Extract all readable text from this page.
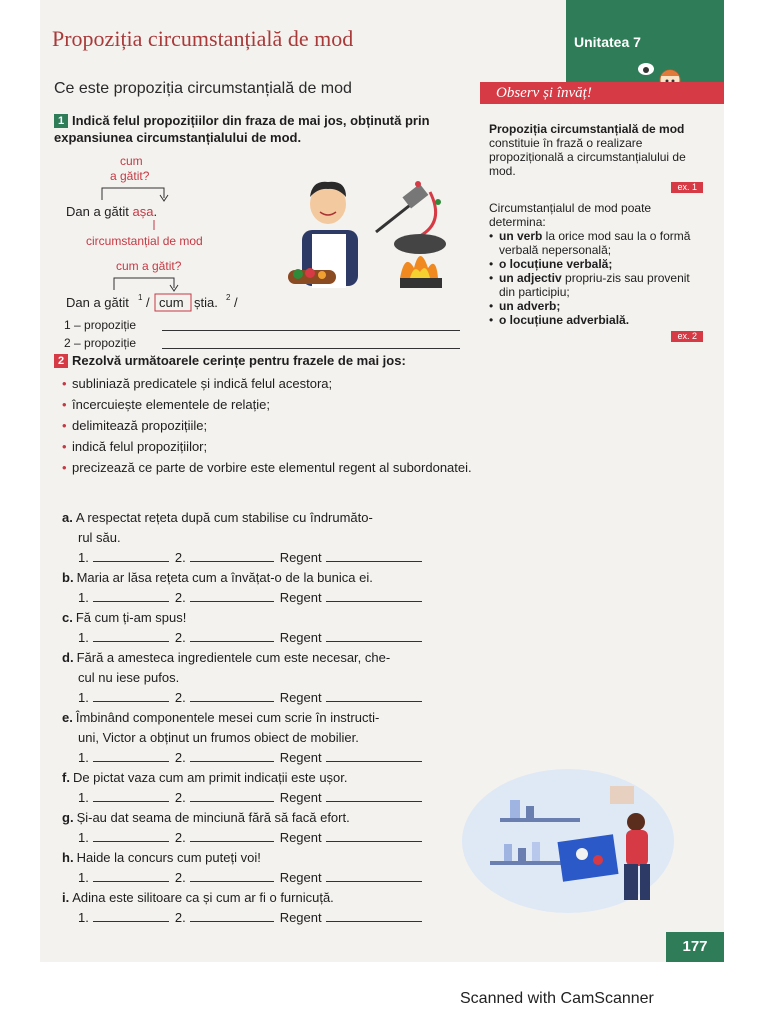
Propoziția circumstanțială de mod	Unitatea 7
Observ și învăț!
Ce este propoziția circumstanțială de mod
1 Indică felul propozițiilor din fraza de mai jos, obținută prin expansiunea circumstanțialului de mod.
cum
a gătit?
Dan a gătit așa.
circumstanțial de mod
cum a gătit?
Dan a gătit 1 / cum știa. 2 /
1 – propoziție
2 – propoziție
2 Rezolvă următoarele cerințe pentru frazele de mai jos:
• subliniază predicatele și indică felul acestora;
• încercuiește elementele de relație;
• delimitează propozițiile;
• indică felul propozițiilor;
• precizează ce parte de vorbire este elementul regent al subordonatei.
a. A respectat rețeta după cum stabilise cu îndrumăto-
rul său.
1.	2.	Regent
b. Maria ar lăsa rețeta cum a învățat-o de la bunica ei.
1.	2.	Regent
c. Fă cum ți-am spus!
1.	2.	Regent
d. Fără a amesteca ingredientele cum este necesar, che-
cul nu iese pufos.
1.	2.	Regent
e. Îmbinând componentele mesei cum scrie în instructi-
uni, Victor a obținut un frumos obiect de mobilier.
1.	2.	Regent
f. De pictat vaza cum am primit indicații este ușor.
1.	2.	Regent
g. Și-au dat seama de minciună fără să facă efort.
1.	2.	Regent
h. Haide la concurs cum puteți voi!
1.	2.	Regent
i. Adina este silitoare ca și cum ar fi o furnicuță.
1.	2.	Regent
Propoziția circumstanțială de mod constituie în frază o realizare propozițională a circumstanțialului de mod.
ex. 1
Circumstanțialul de mod poate determina:
• un verb la orice mod sau la o formă verbală nepersonală;
• o locuțiune verbală;
• un adjectiv propriu-zis sau provenit din participiu;
• un adverb;
• o locuțiune adverbială.
ex. 2
177
Scanned with CamScanner
